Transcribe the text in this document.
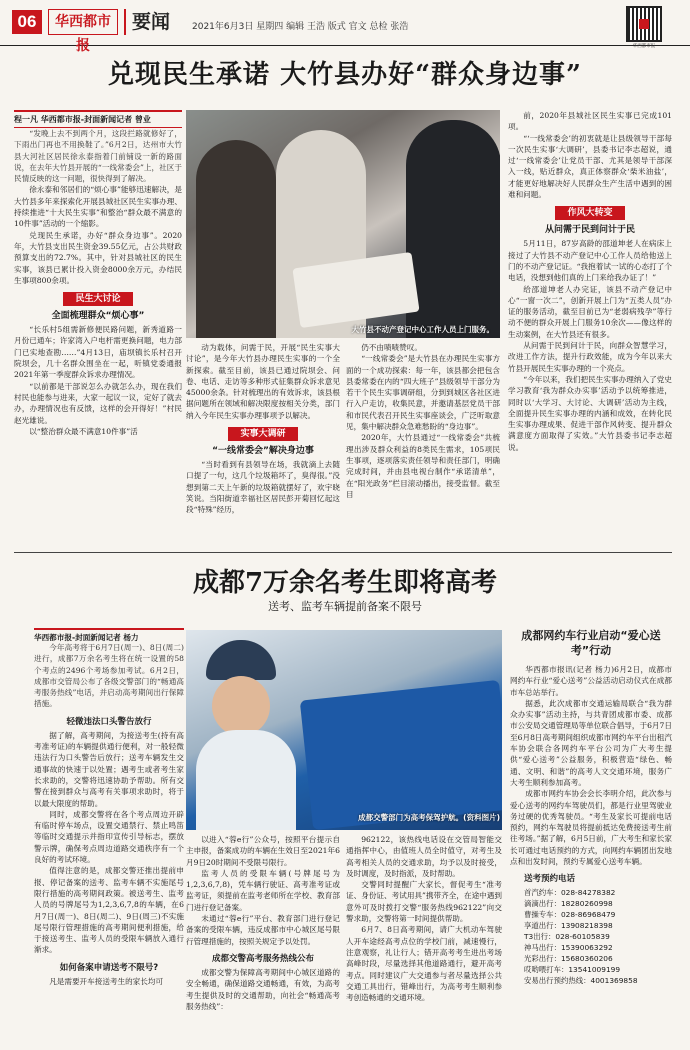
06	华西都市报
要闻 2021年6月3日 星期四 编辑 王浩 版式 官文 总检 张浩
华西都市报
兑现民生承诺 大竹县办好“群众身边事”
程一凡 华西都市报-封面新闻记者 曾业

“发晚上去不到两个月，这段拦路就修好了，下雨出门再也不用换鞋了。”6月2日，达州市大竹县大河社区居民徐永泰指着门前铺设一新的路面说，在去年大竹县开展的“一线常委会”上，社区于民情反映的这一问题，很快得到了解决。

徐永泰和邻居们的“烦心事”能够迅速解决，是大竹县多年来探索化开展县城社区民生实事办理、持续推进“十大民生实事”和整治“群众最不满意的10件事”活动的一个缩影。

兑现民生承诺，办好“群众身边事”。2020年，大竹县支出民生资金39.55亿元，占公共财政预算支出的72.7%。其中，针对县城社区的民生实事，该县已累计投入资金8000余万元，办结民生事项800余项。

民生大讨论
全面梳理群众“烦心事”

“长乐村5组需新修便民路问题，新秀道路一月份已通车；许家湾入户电杆需更换问题，电力部门已实地查勘……”4月13日，庙坝镇长乐村召开院坝会，几十名群众围坐在一起，听镇党委通报2021年第一季度群众诉求办理情况。

“以前都是干部说怎么办就怎么办，现在我们村民也能参与进来，大家一起议一议，定好了就去办，办理情况也有反馈，这样的会开得好！”村民赵光雄说。

以“整治群众最不满意10件事”活

大竹县不动产登记中心工作人员上门服务。

动为载体，问需于民，开展“民生实事大讨论”，是今年大竹县办理民生实事的一个全新探索。截至目前，该县已通过院坝会、问卷、电话、走访等多种形式征集群众诉求意见45000余条。针对梳理出的有效诉求，该县根据问题所在领域和解决限度按相关分类，部门纳入今年民生实事办理事项予以解决。

实事大调研
“一线常委会”解决身边事

“当时看到有县领导在场，我就滴上去随口提了一句，这几个垃圾箱坏了，臭得很。”没想到第二天上午新的垃圾箱就摆好了，欢宇晓笑说。当阳街道幸福社区居民彭开菊回忆起这段“特殊”经历，

仍不由啧啧赞叹。

“一线常委会”是大竹县在办理民生实事方面的一个成功探索：每一年，该县都会把包含县委常委在内的“四大班子”县级领导干部分为若干个民生实事调研组，分到到城区各社区进行入户走访，收集民意，并邀请基层党员干部和市民代表召开民生实事座谈会，广泛听取意见，集中解决群众急难愁盼的“身边事”。

2020年，大竹县通过“一线常委会”共梳理出涉及群众利益的8类民生需求，105项民生事项，逐项落实责任领导和责任部门，明确完成时间，并由县电视台制作“承诺清单”，在“阳光政务”栏目滚动播出，接受监督。截至目

前，2020年县城社区民生实事已完成101项。

“‘一线常委会’的初衷就是让县级领导干部每一次民生实事‘大调研’，县委书记李志超说，通过‘一线常委会’让党员干部、尤其是领导干部深入一线，贴近群众，真正体察群众‘柴米油盐’，才能更好地解决好人民群众生产生活中遇到的困难和问题。

作风大转变
从问需于民到问计于民

5月11日，87岁高龄的邵道坤老人在病床上接过了大竹县不动产登记中心工作人员给他送上门的不动产登记证。“我抱着试一试的心态打了个电话，没想到他们真的上门来给我办证了！”

给邵道坤老人办完证，该县不动产登记中心“一窗一次二”，创新开展上门为“五类人员”办证的服务活动，截至目前已为“老弱病残孕”等行动不便的群众开展上门服务10余次——像这样的生动案例，在大竹县还有很多。

从问需于民到问计于民，向群众智慧学习，改进工作方法，提升行政效能，成为今年以来大竹县开展民生实事办理的一个亮点。

“今年以来，我们把民生实事办理纳入了党史学习教育‘我为群众办实事’活动予以统筹推进，同时以‘大学习、大讨论、大调研’活动为主线，全面提升民生实事办理的内涵和成效，在转化民生实事办理成果、促进干部作风转变、提升群众满意度方面取得了实效。”大竹县委书记李志超说。

成都7万余名考生即将高考
送考、监考车辆提前备案不限号
华西都市报-封面新闻记者 杨力

今年高考将于6月7日(周一)、8日(周二)进行，成都7万余名考生将在统一设置的58个考点的2496个考场参加考试。6月2日，成都市交管局公布了各级交警部门的“畅通高考服务热线”电话，并启动高考期间出行保障措施。

轻微违法口头警告放行

据了解，高考期间，为接送考生(持有高考准考证)的车辆提供通行便利，对一般轻微违法行为口头警告后放行；送考车辆发生交通事故的快速于以处置；遇考生或者考生家长求助的，交警将迅速协助予帮助。所有交警在接到群众与高考有关事项求助时，将于以最大限度的帮助。

同时，成都交警将在各个考点周边开辟有临时停车场点，设置交通禁行、禁止鸣笛等临时交通提示并指印宣传引导标志，摆放警示牌，确保考点周边道路交通秩序有一个良好的考试环境。

值得注意的是，成都交警还推出提前申报、停记备案的送考、监考车辆不实施尾号限行措施的高考期间政策。被送考生、监考人员的号牌尾号为1,2,3,6,7,8的车辆，在6月7日(周一)、8日(周二)、9日(周三)不实施尾号限行管理措施的高考期间便利措施，给于接送考生、监考人员的受限车辆放入通行渐求。

如何备案申请送考不限号?

凡是需要开车接送考生的家长均可

成都交警部门为高考保驾护航。(资料图片)

以进入“蓉e行”公众号，按照平台提示自主申报，备案成功的车辆在生效日至2021年6月9日20时期间不受限号限行。

监考人员的受限车辆(号牌尾号为1,2,3,6,7,8)，凭车辆行驶证、高考准考证或监考证，须提前在监考老师所在学校、教育部门进行登记备案。

未通过“蓉e行”平台、教育部门进行登记备案的受限车辆，违反成都市中心城区尾号限行管理措施的，按照关规定予以处罚。

成都交警高考服务热线公布

成都交警为保障高考期间中心城区道路的安全畅通，确保道路交通畅通，有效，为高考考生提供及时的交通帮助，向社会“畅通高考服务热线”：

962122，该热线电话设在交管局智能交通指挥中心，由值班人员全时值守，对考生及高考相关人员的交通求助，均予以及时接受，及时调度，及时指派，及时帮助。

交警同时提醒广大家长，督促考生“准考证、身份证、考试用具”携带齐全，在途中遇到意外可及时拨打交警“服务热线962122”向交警求助，交警将第一时间提供帮助。

6月7、8日高考期间，请广大机动车驾驶人开车途经高考点位的学校门前，减速慢行，注意观察，礼让行人；错开高考考生进出考场高峰时段，尽量选择其他道路通行，避开高考考点。同时建议广大交通参与者尽量选择公共交通工具出行，错峰出行，为高考考生顺利参考创造畅通的交通环境。

成都网约车行业启动“爱心送考”行动

华西都市报讯(记者 杨力)6月2日，成都市网约车行业“爱心送考”公益活动启动仪式在成都市车总站举行。

据悉，此次成都市交通运输局联合“我为群众办实事”活动主持，与共青团成都市委、成都市公安局交通管理局等单位联合倡导，于6月7日至6月8日高考期间组织成都市网约车平台出租汽车协会联合各网约车平台公司为广大考生提供“爱心送考”公益服务，积极营造“绿色、畅通、文明、和谐”的高考人文交通环境，服务广大考生顺利参加高考。

成都市网约车协会会长李明介绍，此次参与爱心送考的网约车驾驶员们，都是行业里驾驶业务过硬的优秀驾驶员。“考生及家长可提前电话预约，网约车驾驶员将提前抵达免费接送考生前往考场。”据了解，6月5日前，广大考生和家长家长可通过电话预约的方式，向网约车辆团出发地点和出发时间，预约专属爱心送考车辆。

送考预约电话
首汽约车：028-84278382
滴滴出行：18280260998
曹操专车：028-86968479
享道出行：13908218398
T3出行：028-60105839
神马出行：15390063292
光彩出行：15680360206
哎哟喂打车：13541009199
安易出行预约热线：4001369858
